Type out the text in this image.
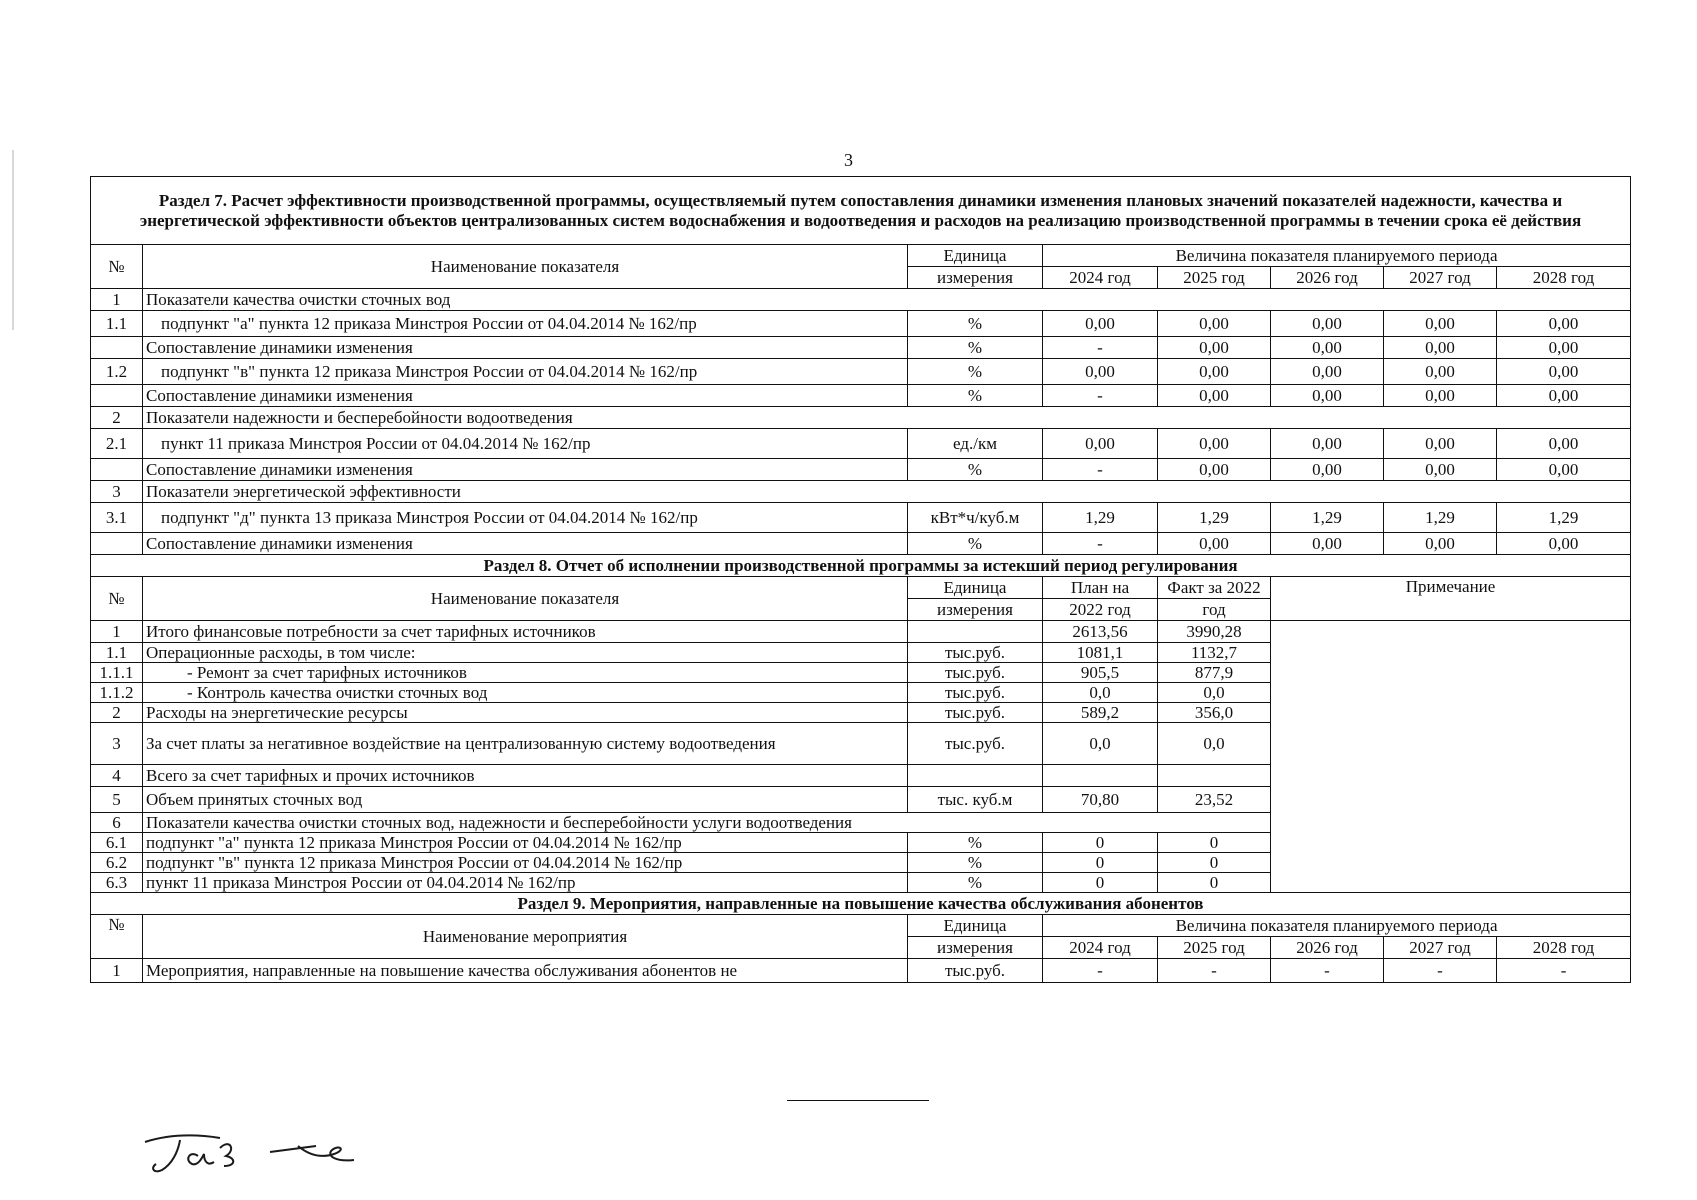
3
Раздел 7. Расчет эффективности производственной программы, осуществляемый путем сопоставления динамики изменения плановых значений показателей надежности, качества и энергетической эффективности объектов централизованных систем водоснабжения и водоотведения и расходов на реализацию производственной программы в течении срока её действия							
№	Наименование показателя	Единица	Величина показателя планируемого периода				
		измерения	2024 год	2025 год	2026 год	2027 год	2028 год
1	Показатели качества очистки сточных вод						
1.1	подпункт "а" пункта 12 приказа Минстроя России от 04.04.2014 № 162/пр	%	0,00	0,00	0,00	0,00	0,00
	Сопоставление динамики изменения	%	-	0,00	0,00	0,00	0,00
1.2	подпункт "в" пункта 12 приказа Минстроя России от 04.04.2014 № 162/пр	%	0,00	0,00	0,00	0,00	0,00
	Сопоставление динамики изменения	%	-	0,00	0,00	0,00	0,00
2	Показатели надежности и бесперебойности водоотведения						
2.1	пункт 11 приказа Минстроя России от 04.04.2014 № 162/пр	ед./км	0,00	0,00	0,00	0,00	0,00
	Сопоставление динамики изменения	%	-	0,00	0,00	0,00	0,00
3	Показатели энергетической эффективности						
3.1	подпункт "д" пункта 13 приказа Минстроя России от 04.04.2014 № 162/пр	кВт*ч/куб.м	1,29	1,29	1,29	1,29	1,29
	Сопоставление динамики изменения	%	-	0,00	0,00	0,00	0,00
Раздел 8. Отчет об исполнении производственной программы за истекший период регулирования							
№	Наименование показателя	Единица	План на	Факт за 2022	Примечание		
		измерения	2022 год	год			
1	Итого финансовые потребности за счет тарифных источников		2613,56	3990,28			
1.1	Операционные расходы, в том числе:	тыс.руб.	1081,1	1132,7			
1.1.1	- Ремонт за счет тарифных источников	тыс.руб.	905,5	877,9			
1.1.2	- Контроль качества очистки сточных вод	тыс.руб.	0,0	0,0			
2	Расходы на энергетические ресурсы	тыс.руб.	589,2	356,0			
3	За счет платы за негативное воздействие на централизованную систему водоотведения	тыс.руб.	0,0	0,0			
4	Всего за счет тарифных и прочих источников						
5	Объем принятых сточных вод	тыс. куб.м	70,80	23,52			
6	Показатели качества очистки сточных вод, надежности и бесперебойности услуги водоотведения						
6.1	подпункт "а" пункта 12 приказа Минстроя России от 04.04.2014 № 162/пр	%	0	0			
6.2	подпункт "в" пункта 12 приказа Минстроя России от 04.04.2014 № 162/пр	%	0	0			
6.3	пункт 11 приказа Минстроя России от 04.04.2014 № 162/пр	%	0	0			
Раздел 9. Мероприятия, направленные на повышение качества обслуживания абонентов							
№	Наименование мероприятия	Единица	Величина показателя планируемого периода				
		измерения	2024 год	2025 год	2026 год	2027 год	2028 год
1	Мероприятия, направленные на повышение качества обслуживания абонентов не	тыс.руб.	-	-	-	-	-
